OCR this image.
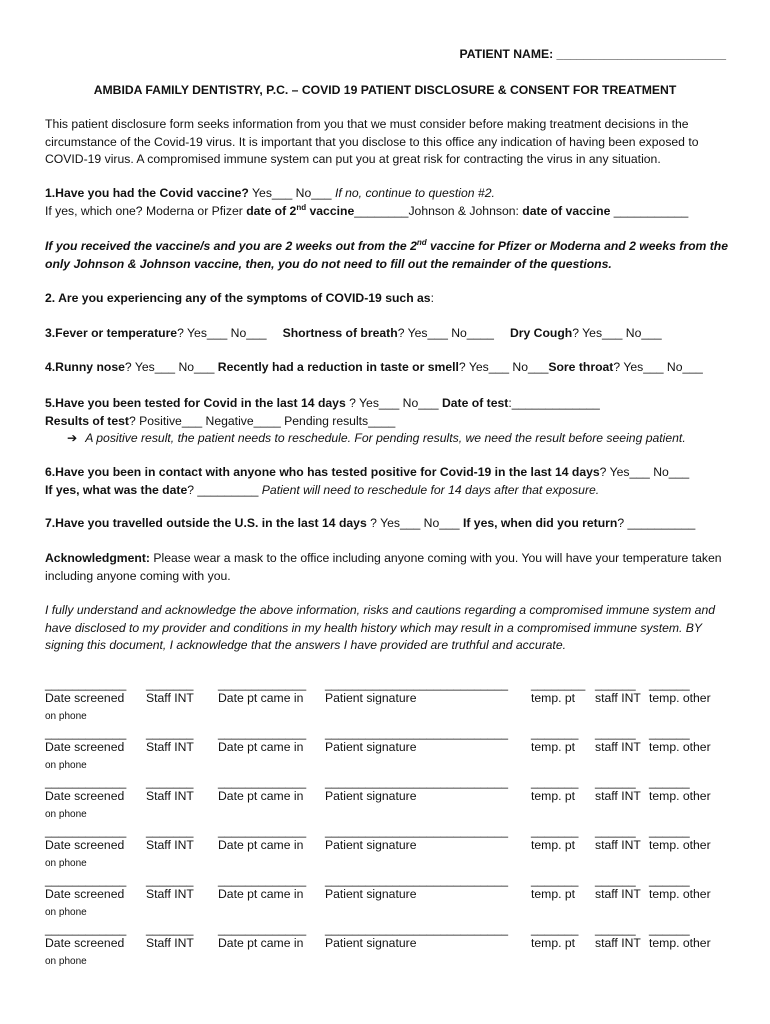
PATIENT NAME: _________________________
AMBIDA FAMILY DENTISTRY, P.C. – COVID 19 PATIENT DISCLOSURE & CONSENT FOR TREATMENT
This patient disclosure form seeks information from you that we must consider before making treatment decisions in the circumstance of the Covid-19 virus. It is important that you disclose to this office any indication of having been exposed to COVID-19 virus. A compromised immune system can put you at great risk for contracting the virus in any situation.
1.Have you had the Covid vaccine? Yes___ No___ If no, continue to question #2.
If yes, which one? Moderna or Pfizer date of 2nd vaccine________Johnson & Johnson: date of vaccine ___________
If you received the vaccine/s and you are 2 weeks out from the 2nd vaccine for Pfizer or Moderna and 2 weeks from the only Johnson & Johnson vaccine, then, you do not need to fill out the remainder of the questions.
2. Are you experiencing any of the symptoms of COVID-19 such as:
3.Fever or temperature? Yes___ No___ Shortness of breath? Yes___ No____ Dry Cough? Yes___ No___
4.Runny nose? Yes___ No___ Recently had a reduction in taste or smell? Yes___ No___Sore throat? Yes___ No___
5.Have you been tested for Covid in the last 14 days ? Yes___ No___ Date of test:_____________
Results of test? Positive___ Negative____ Pending results____
➔ A positive result, the patient needs to reschedule. For pending results, we need the result before seeing patient.
6.Have you been in contact with anyone who has tested positive for Covid-19 in the last 14 days? Yes___ No___
If yes, what was the date? _________ Patient will need to reschedule for 14 days after that exposure.
7.Have you travelled outside the U.S. in the last 14 days ? Yes___ No___ If yes, when did you return? __________
Acknowledgment: Please wear a mask to the office including anyone coming with you. You will have your temperature taken including anyone coming with you.
I fully understand and acknowledge the above information, risks and cautions regarding a compromised immune system and have disclosed to my provider and conditions in my health history which may result in a compromised immune system. BY signing this document, I acknowledge that the answers I have provided are truthful and accurate.
____________
Date screened
_______
Staff INT
_____________
Date pt came in
___________________________
Patient signature
________
temp. pt
______
staff INT
______
temp. other
on phone
____________
Date screened
_______
Staff INT
_____________
Date pt came in
___________________________
Patient signature
_______
temp. pt
______
staff INT
______
temp. other
on phone
____________
Date screened
_______
Staff INT
_____________
Date pt came in
___________________________
Patient signature
_______
temp. pt
______
staff INT
______
temp. other
on phone
____________
Date screened
_______
Staff INT
_____________
Date pt came in
___________________________
Patient signature
_______
temp. pt
______
staff INT
______
temp. other
on phone
____________
Date screened
_______
Staff INT
_____________
Date pt came in
___________________________
Patient signature
_______
temp. pt
______
staff INT
______
temp. other
on phone
____________
Date screened
_______
Staff INT
_____________
Date pt came in
___________________________
Patient signature
_______
temp. pt
______
staff INT
______
temp. other
on phone
